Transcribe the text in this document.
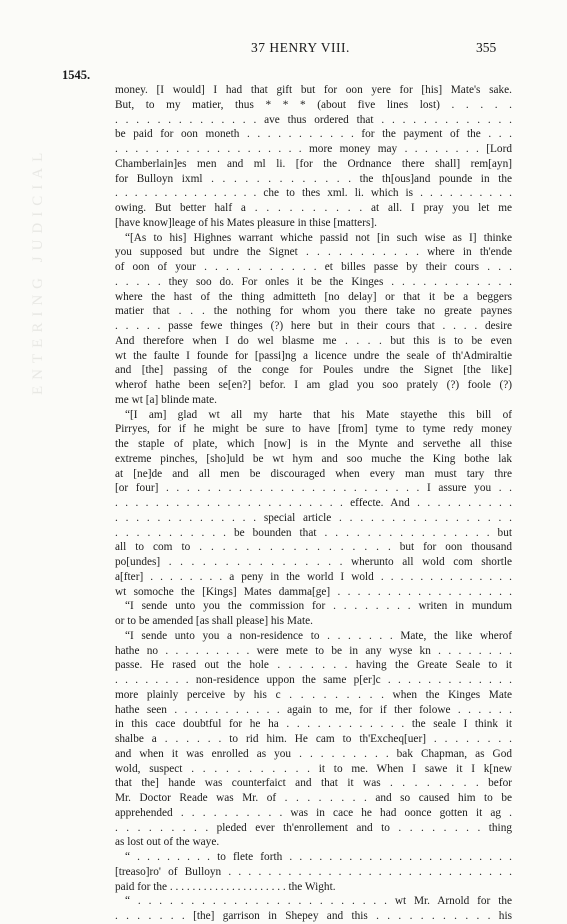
ENTERING JUDICIAL
37 HENRY VIII.	355
1545.
money. [I would] I had that gift but for oon yere for [his] Mate's sake.
But, to my matier, thus * * * (about five lines lost) . . . . .
. . . . . . . . . . . . . . ave thus ordered that . . . . . . . . . . . . .
be paid for oon moneth . . . . . . . . . . . for the payment of the . . .
. . . . . . . . . . . . . . . . . . . more money may . . . . . . . . [Lord
Chamberlain]es men and ml li. [for the Ordnance there shall] rem[ayn]
for Bulloyn ixml . . . . . . . . . . . . . the th[ous]and pounde in the
. . . . . . . . . . . . . . . che to thes xml. li. which is . . . . . . . . . .
owing. But better half a . . . . . . . . . . at all. I pray you let me
[have know]leage of his Mates pleasure in thise [matters].
“[As to his] Highnes warrant whiche passid not [in such wise as I] thinke
you supposed but undre the Signet . . . . . . . . . . . where in th'ende
of oon of your . . . . . . . . . . . et billes passe by their cours . . .
. . . . . they soo do. For onles it be the Kinges . . . . . . . . . . . .
where the hast of the thing admitteth [no delay] or that it be a beggers
matier that . . . the nothing for whom you there take no greate paynes
. . . . . passe fewe thinges (?) here but in their cours that . . . . desire
And therefore when I do wel blasme me . . . . but this is to be even
wt the faulte I founde for [passi]ng a licence undre the seale of th'Admiraltie
and [the] passing of the conge for Poules undre the Signet [the like]
wherof hathe been se[en?] befor. I am glad you soo prately (?) foole (?)
me wt [a] blinde mate.
“[I am] glad wt all my harte that his Mate stayethe this bill of
Pirryes, for if he might be sure to have [from] tyme to tyme redy money
the staple of plate, which [now] is in the Mynte and servethe all thise
extreme pinches, [sho]uld be wt hym and soo muche the King bothe lak
at [ne]de and all men be discouraged when every man must tary thre
[or four] . . . . . . . . . . . . . . . . . . . . . . . . . I assure you . .
. . . . . . . . . . . . . . . . . . . . . . . effecte. And . . . . . . . . . .
. . . . . . . . . . . . . . special article . . . . . . . . . . . . . . . . .
. . . . . . . . . . . be bounden that . . . . . . . . . . . . . . . . but
all to com to . . . . . . . . . . . . . . . . . but for oon thousand
po[undes] . . . . . . . . . . . . . . . . wherunto all wold com shortle
a[fter] . . . . . . . . a peny in the world I wold . . . . . . . . . . . . . .
wt somoche the [Kings] Mates damma[ge] . . . . . . . . . . . . . . . . . .
“I sende unto you the commission for . . . . . . . . writen in mundum
or to be amended [as shall please] his Mate.
“I sende unto you a non-residence to . . . . . . . Mate, the like wherof
hathe no . . . . . . . . . were mete to be in any wyse kn . . . . . . . .
passe. He rased out the hole . . . . . . . having the Greate Seale to it
. . . . . . . . non-residence uppon the same p[er]c . . . . . . . . . . . . .
more plainly perceive by his c . . . . . . . . . when the Kinges Mate
hathe seen . . . . . . . . . . . again to me, for if ther folowe . . . . . .
in this cace doubtful for he ha . . . . . . . . . . . . the seale I think it
shalbe a . . . . . . to rid him. He cam to th'Excheq[uer] . . . . . . . .
and when it was enrolled as you . . . . . . . . . bak Chapman, as God
wold, suspect . . . . . . . . . . . it to me. When I sawe it I k[new
that the] hande was counterfaict and that it was . . . . . . . . befor
Mr. Doctor Reade was Mr. of . . . . . . . . and so caused him to be
apprehended . . . . . . . . . . was in cace he had oonce gotten it ag .
. . . . . . . . . pleded ever th'enrollement and to . . . . . . . . thing
as lost out of the waye.
“ . . . . . . . . to flete forth . . . . . . . . . . . . . . . . . . . . . . .
[treaso]ro' of Bulloyn . . . . . . . . . . . . . . . . . . . . . . . . . . . . .
paid for the . . . . . . . . . . . . . . . . . . . . . the Wight.
“ . . . . . . . . . . . . . . . . . . . . . . . . wt Mr. Arnold for the
. . . . . . . [the] garrison in Shepey and this . . . . . . . . . . . his
